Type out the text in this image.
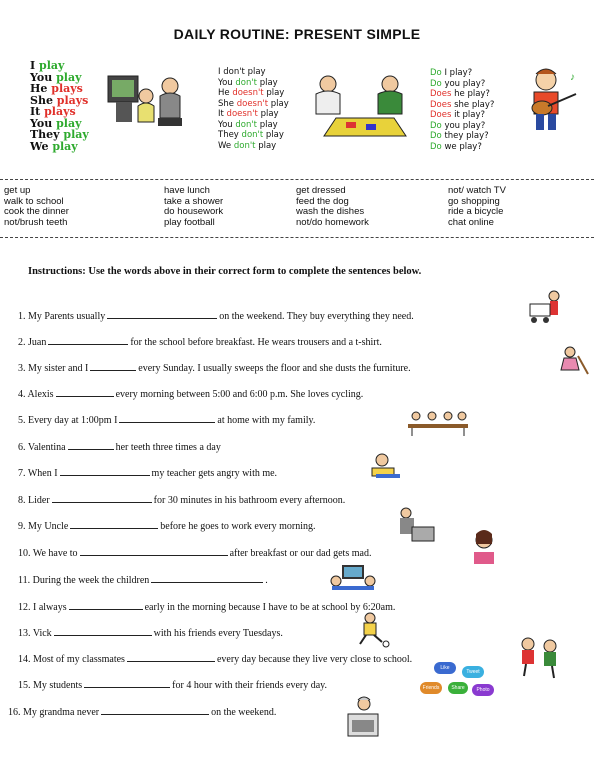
DAILY ROUTINE: PRESENT SIMPLE
I play
You play
He plays
She plays
It plays
You play
They play
We play
I don't play
You don't play
He doesn't play
She doesn't play
It doesn't play
You don't play
They don't play
We don't play
Do I play?
Do you play?
Does he play?
Does she play?
Does it play?
Do you play?
Do they play?
Do we play?
♪
get up	have lunch	get dressed	not/ watch TV
walk to school	take a shower	feed the dog	go shopping
cook the dinner	do housework	wash the dishes	ride a bicycle
not/brush teeth	play football	not/do homework	chat online
Instructions: Use the words above in their correct form to complete the sentences below.
1. My Parents usually	on the weekend. They buy everything they need.
2. Juan	for the school before breakfast. He wears trousers and a t-shirt.
3. My sister and I	every Sunday. I usually sweeps the floor and she dusts the furniture.
4. Alexis	every morning between 5:00 and 6:00 p.m. She loves cycling.
5. Every day at 1:00pm I	at home with my family.
6. Valentina	her teeth three times a day
7. When I	my teacher gets angry with me.
8. Lider	for 30 minutes in his bathroom every afternoon.
9. My Uncle	before he goes to work every morning.
10. We have to	after breakfast or our dad gets mad.
11. During the week the children	.
12. I always	early in the morning because I have to be at school by 6:20am.
13. Vick	with his friends every Tuesdays.
14. Most of my classmates	every day because they live very close to school.
15. My students	for 4 hour with their friends every day.
16. My grandma never	on the weekend.
Like
Tweet
Friends	Share	Photo
